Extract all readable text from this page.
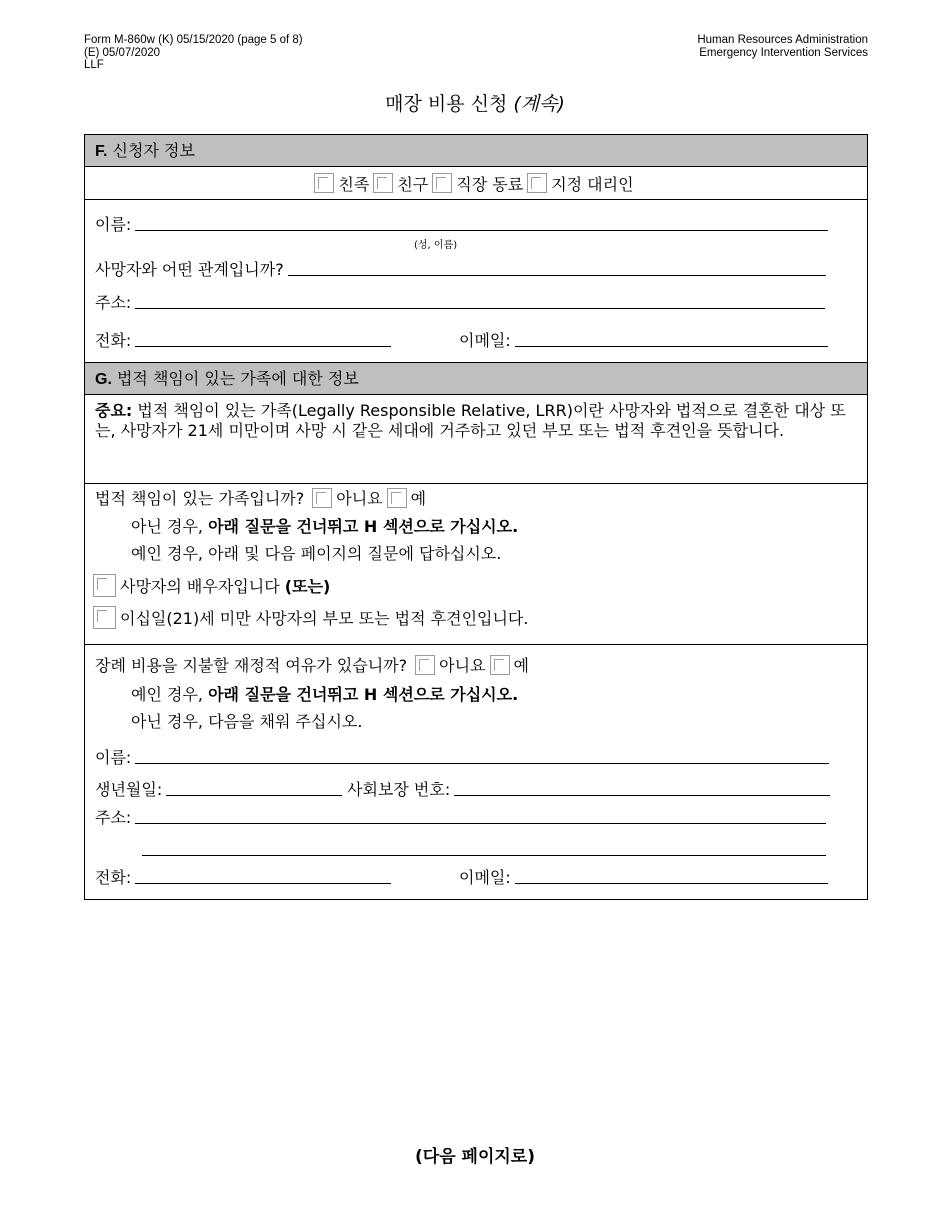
Form M-860w (K) 05/15/2020 (page 5 of 8)
(E) 05/07/2020
LLF
Human Resources Administration
Emergency Intervention Services
매장 비용 신청 (계속)
F. 신청자 정보
친족 친구 직장 동료 지정 대리인
이름:
(성, 이름)
사망자와 어떤 관계입니까?
주소:
전화:	이메일:
G. 법적 책임이 있는 가족에 대한 정보
중요: 법적 책임이 있는 가족(Legally Responsible Relative, LRR)이란 사망자와 법적으로 결혼한 대상 또는, 사망자가 21세 미만이며 사망 시 같은 세대에 거주하고 있던 부모 또는 법적 후견인을 뜻합니다.
법적 책임이 있는 가족입니까? 아니요 예
아닌 경우,
아래 질문을 건너뛰고 H 섹션으로 가십시오.
예인 경우, 아래 및 다음 페이지의 질문에 답하십시오.
사망자의 배우자입니다
(또는)
이십일(21)세 미만 사망자의 부모 또는 법적 후견인입니다.
장례 비용을 지불할 재정적 여유가 있습니까? 아니요 예
예인 경우,
아래 질문을 건너뛰고 H 섹션으로 가십시오.
아닌 경우, 다음을 채워 주십시오.
이름:
생년월일:	사회보장 번호:
주소:
전화:	이메일:
(다음 페이지로)
